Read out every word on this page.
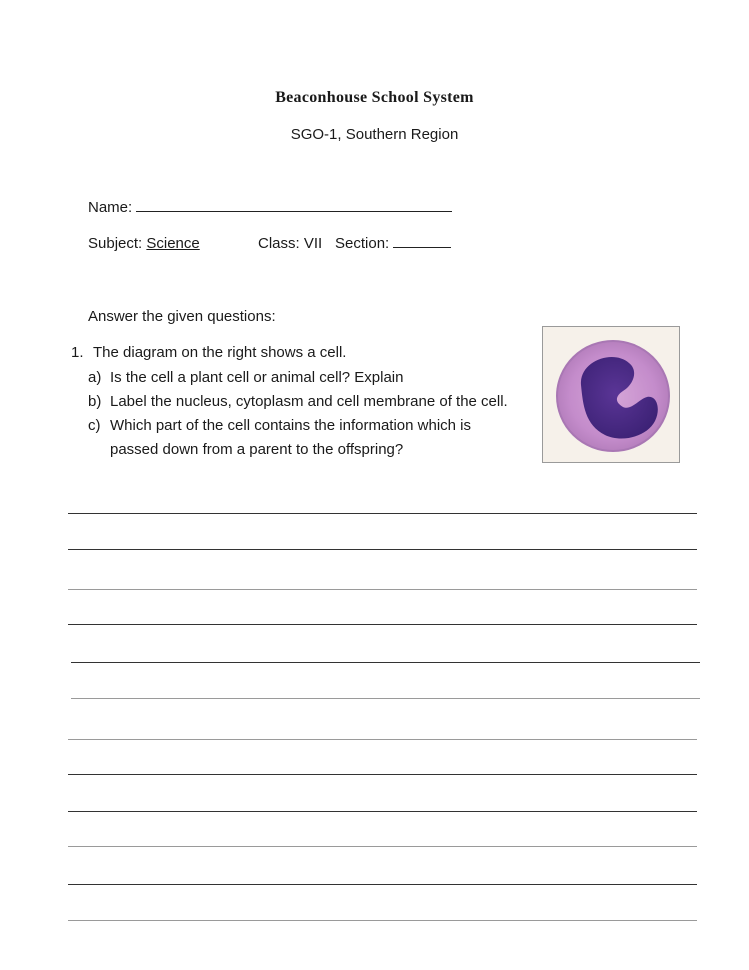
Beaconhouse School System
SGO-1, Southern Region
Name:
Subject: Science	Class: VII Section:
Answer the given questions:
1. The diagram on the right shows a cell.
a) Is the cell a plant cell or animal cell? Explain
b) Label the nucleus, cytoplasm and cell membrane of the cell.
c) Which part of the cell contains the information which is
passed down from a parent to the offspring?
